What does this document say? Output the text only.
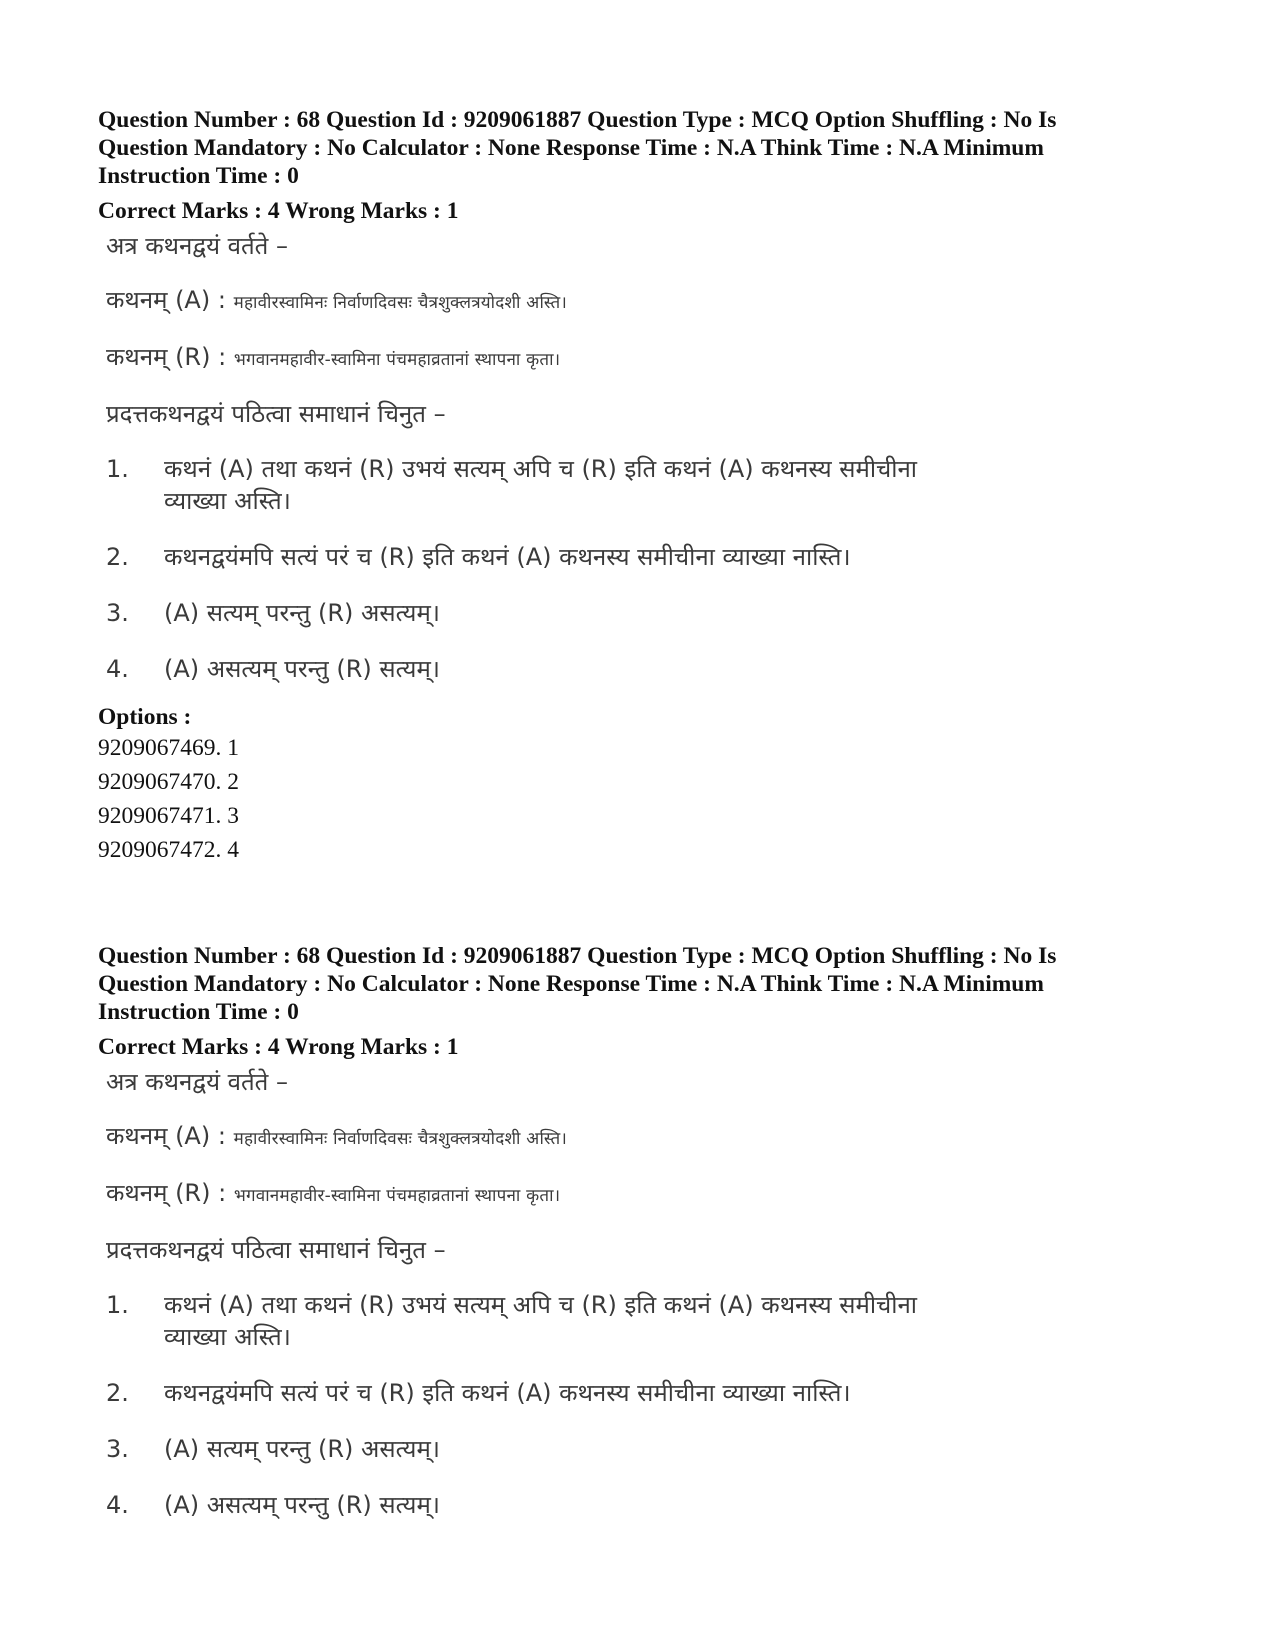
Question Number : 68 Question Id : 9209061887 Question Type : MCQ Option Shuffling : No Is Question Mandatory : No Calculator : None Response Time : N.A Think Time : N.A Minimum Instruction Time : 0

Correct Marks : 4 Wrong Marks : 1

अत्र कथनद्वयं वर्तते –

कथनम् (A) : महावीरस्वामिनः निर्वाणदिवसः चैत्रशुक्लत्रयोदशी अस्ति।

कथनम् (R) : भगवानमहावीर-स्वामिना पंचमहाव्रतानां स्थापना कृता।

प्रदत्तकथनद्वयं पठित्वा समाधानं चिनुत –

1.	कथनं (A) तथा कथनं (R) उभयं सत्यम् अपि च (R) इति कथनं (A) कथनस्य समीचीना व्याख्या अस्ति।
2.	कथनद्वयंमपि सत्यं परं च (R) इति कथनं (A) कथनस्य समीचीना व्याख्या नास्ति।
3.	(A) सत्यम् परन्तु (R) असत्यम्।
4.	(A) असत्यम् परन्तु (R) सत्यम्।

Options :

9209067469. 1

9209067470. 2

9209067471. 3

9209067472. 4

Question Number : 68 Question Id : 9209061887 Question Type : MCQ Option Shuffling : No Is Question Mandatory : No Calculator : None Response Time : N.A Think Time : N.A Minimum Instruction Time : 0

Correct Marks : 4 Wrong Marks : 1

अत्र कथनद्वयं वर्तते –

कथनम् (A) : महावीरस्वामिनः निर्वाणदिवसः चैत्रशुक्लत्रयोदशी अस्ति।

कथनम् (R) : भगवानमहावीर-स्वामिना पंचमहाव्रतानां स्थापना कृता।

प्रदत्तकथनद्वयं पठित्वा समाधानं चिनुत –

1.	कथनं (A) तथा कथनं (R) उभयं सत्यम् अपि च (R) इति कथनं (A) कथनस्य समीचीना व्याख्या अस्ति।
2.	कथनद्वयंमपि सत्यं परं च (R) इति कथनं (A) कथनस्य समीचीना व्याख्या नास्ति।
3.	(A) सत्यम् परन्तु (R) असत्यम्।
4.	(A) असत्यम् परन्तु (R) सत्यम्।
